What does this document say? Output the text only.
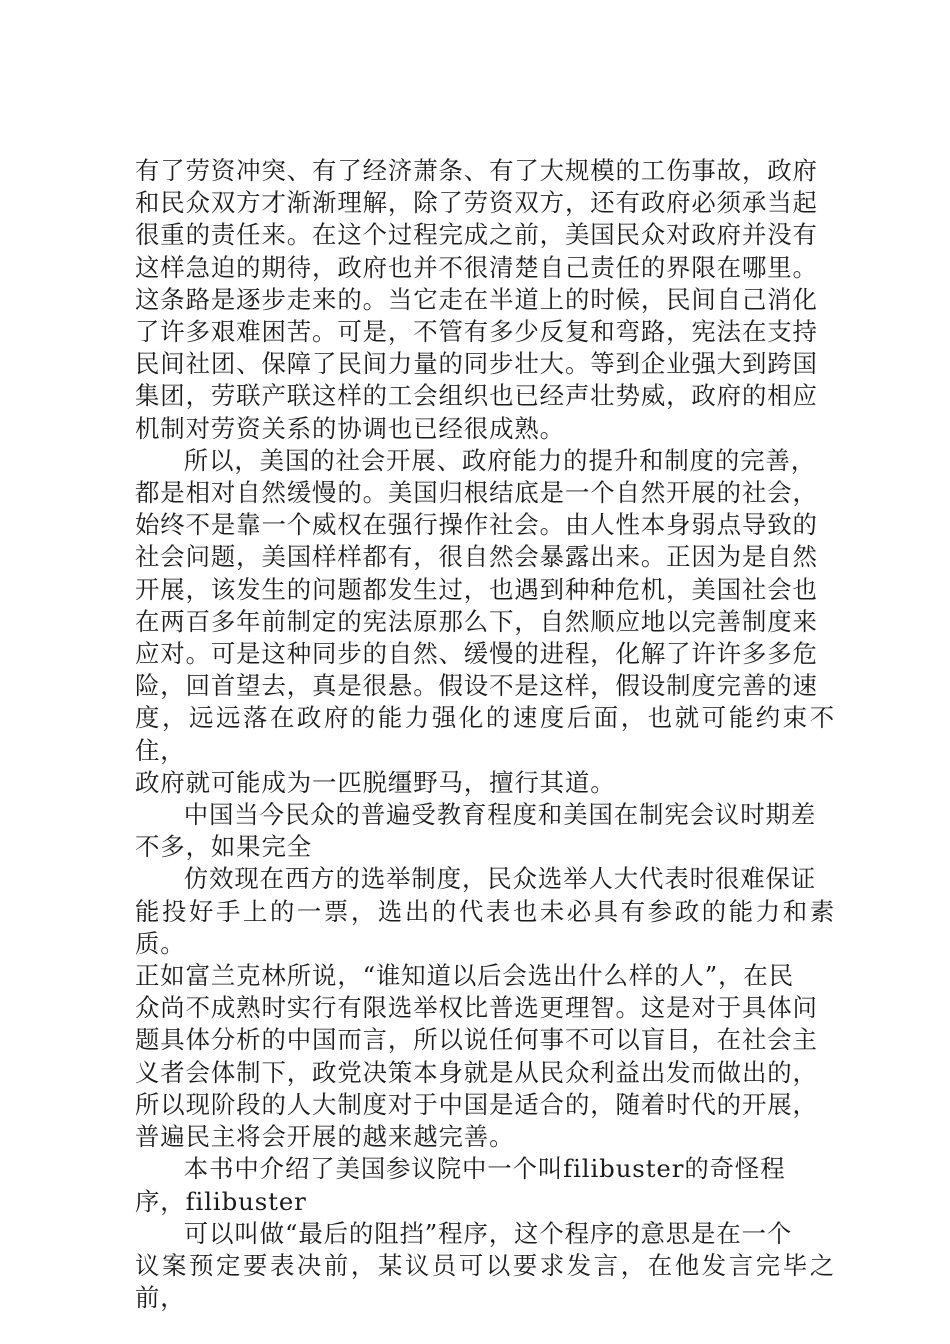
有了劳资冲突、有了经济萧条、有了大规模的工伤事故，政府
和民众双方才渐渐理解，除了劳资双方，还有政府必须承当起
很重的责任来。在这个过程完成之前，美国民众对政府并没有
这样急迫的期待，政府也并不很清楚自己责任的界限在哪里。
这条路是逐步走来的。当它走在半道上的时候，民间自己消化
了许多艰难困苦。可是，不管有多少反复和弯路，宪法在支持
民间社团、保障了民间力量的同步壮大。等到企业强大到跨国
集团，劳联产联这样的工会组织也已经声壮势威，政府的相应
机制对劳资关系的协调也已经很成熟。
所以，美国的社会开展、政府能力的提升和制度的完善，
都是相对自然缓慢的。美国归根结底是一个自然开展的社会，
始终不是靠一个威权在强行操作社会。由人性本身弱点导致的
社会问题，美国样样都有，很自然会暴露出来。正因为是自然
开展，该发生的问题都发生过，也遇到种种危机，美国社会也
在两百多年前制定的宪法原那么下，自然顺应地以完善制度来
应对。可是这种同步的自然、缓慢的进程，化解了许许多多危
险，回首望去，真是很悬。假设不是这样，假设制度完善的速
度，远远落在政府的能力强化的速度后面，也就可能约束不住，
政府就可能成为一匹脱缰野马，擅行其道。
中国当今民众的普遍受教育程度和美国在制宪会议时期差
不多，如果完全
仿效现在西方的选举制度，民众选举人大代表时很难保证
能投好手上的一票，选出的代表也未必具有参政的能力和素质。
正如富兰克林所说，“谁知道以后会选出什么样的人”，在民
众尚不成熟时实行有限选举权比普选更理智。这是对于具体问
题具体分析的中国而言，所以说任何事不可以盲目，在社会主
义者会体制下，政党决策本身就是从民众利益出发而做出的，
所以现阶段的人大制度对于中国是适合的，随着时代的开展，
普遍民主将会开展的越来越完善。
本书中介绍了美国参议院中一个叫filibuster的奇怪程
序，filibuster
可以叫做“最后的阻挡”程序，这个程序的意思是在一个
议案预定要表决前，某议员可以要求发言，在他发言完毕之前，
